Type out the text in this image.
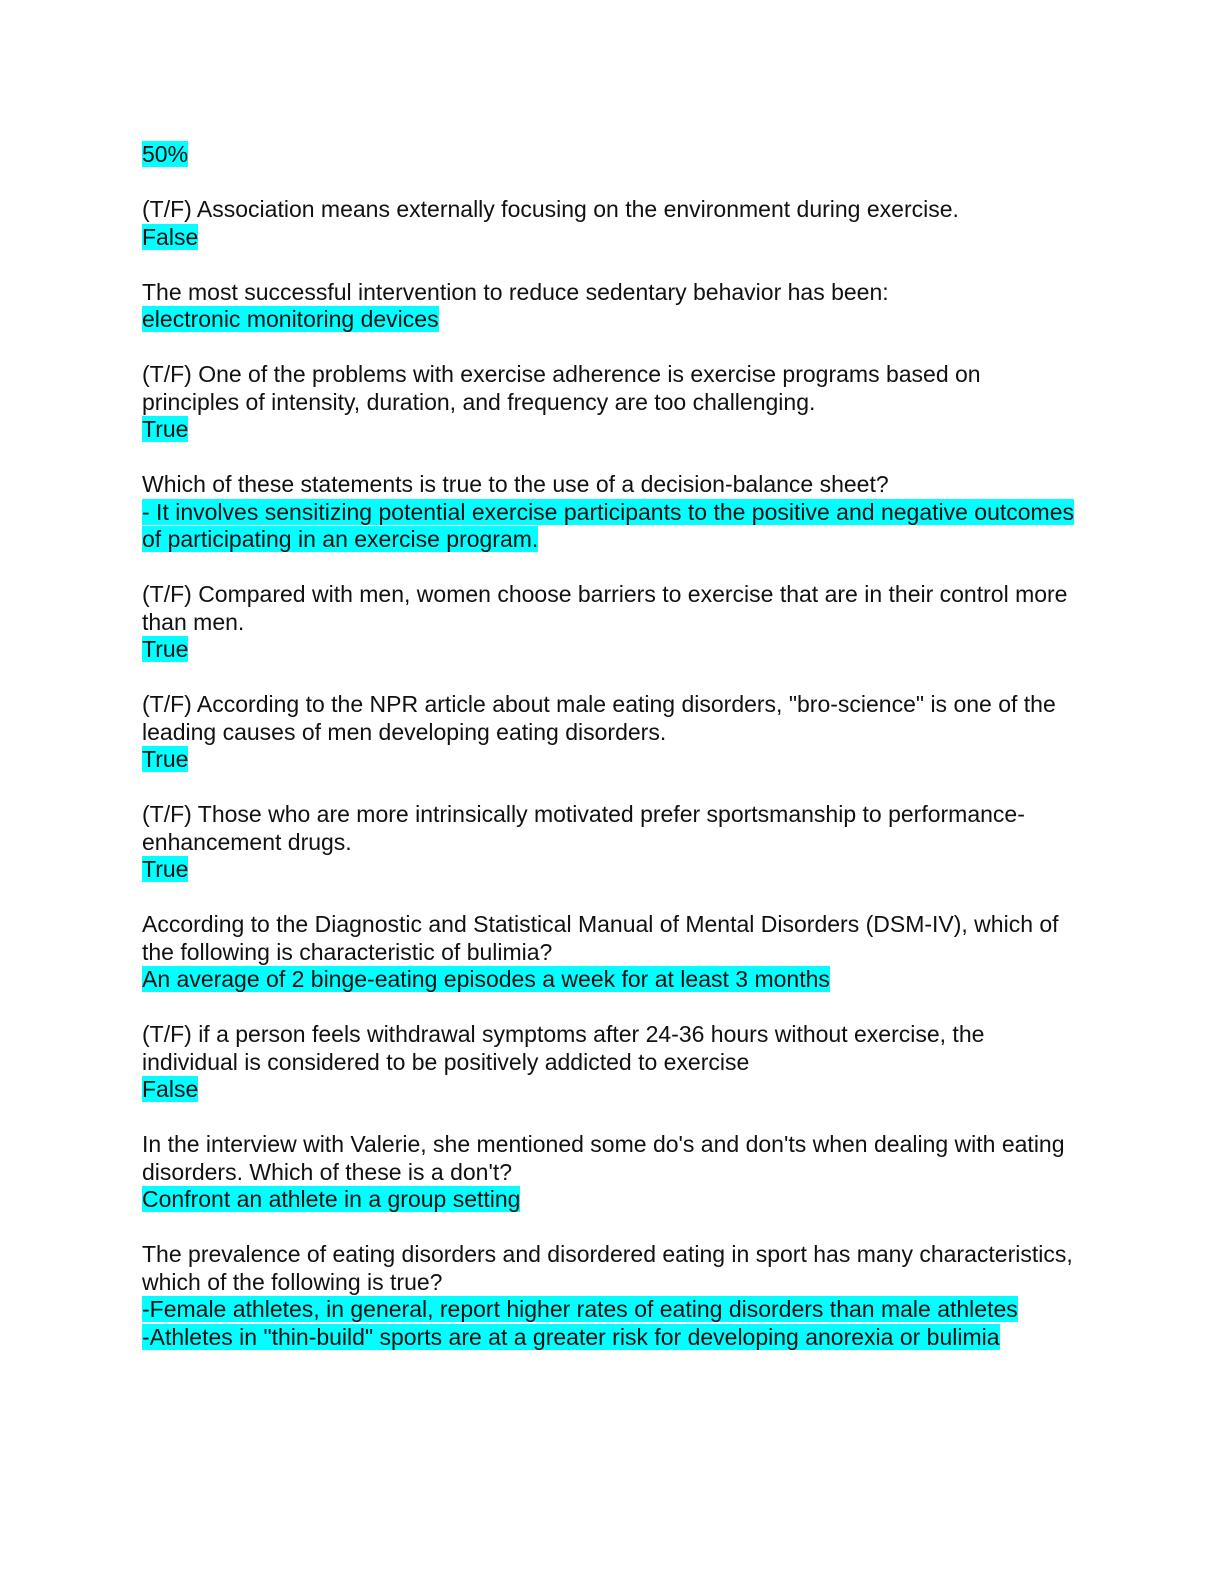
50%
(T/F) Association means externally focusing on the environment during exercise.
False
The most successful intervention to reduce sedentary behavior has been:
electronic monitoring devices
(T/F) One of the problems with exercise adherence is exercise programs based on principles of intensity, duration, and frequency are too challenging.
True
Which of these statements is true to the use of a decision-balance sheet?
- It involves sensitizing potential exercise participants to the positive and negative outcomes of participating in an exercise program.
(T/F) Compared with men, women choose barriers to exercise that are in their control more than men.
True
(T/F) According to the NPR article about male eating disorders, "bro-science" is one of the leading causes of men developing eating disorders.
True
(T/F) Those who are more intrinsically motivated prefer sportsmanship to performance-enhancement drugs.
True
According to the Diagnostic and Statistical Manual of Mental Disorders (DSM-IV), which of the following is characteristic of bulimia?
An average of 2 binge-eating episodes a week for at least 3 months
(T/F) if a person feels withdrawal symptoms after 24-36 hours without exercise, the individual is considered to be positively addicted to exercise
False
In the interview with Valerie, she mentioned some do's and don'ts when dealing with eating disorders. Which of these is a don't?
Confront an athlete in a group setting
The prevalence of eating disorders and disordered eating in sport has many characteristics, which of the following is true?
-Female athletes, in general, report higher rates of eating disorders than male athletes
-Athletes in "thin-build" sports are at a greater risk for developing anorexia or bulimia
